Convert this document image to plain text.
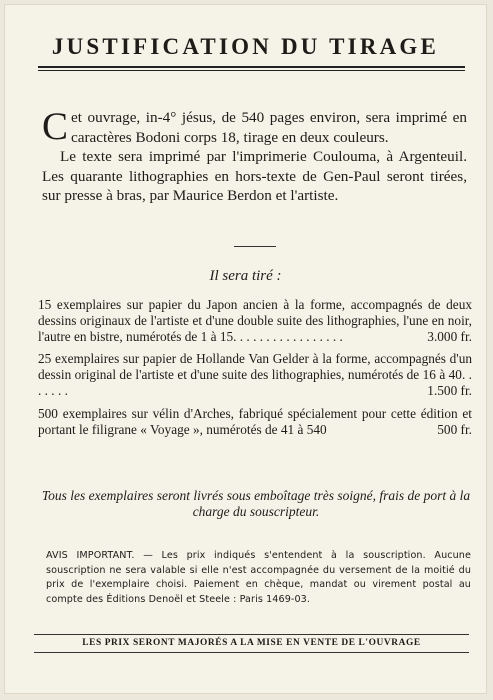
JUSTIFICATION DU TIRAGE

Cet ouvrage, in-4° jésus, de 540 pages environ, sera imprimé en caractères Bodoni corps 18, tirage en deux couleurs.

Le texte sera imprimé par l'imprimerie Coulouma, à Argenteuil. Les quarante lithographies en hors-texte de Gen-Paul seront tirées, sur presse à bras, par Maurice Berdon et l'artiste.

Il sera tiré :
15 exemplaires sur papier du Japon ancien à la forme, accompagnés de deux dessins originaux de l'artiste et d'une double suite des lithographies, l'une en noir, l'autre en bistre, numérotés de 1 à 15. . . . . . . . . . . . . . . . .	3.000 fr.
25 exemplaires sur papier de Hollande Van Gelder à la forme, accompagnés d'un dessin original de l'artiste et d'une suite des lithographies, numérotés de 16 à 40. . . . . . .	1.500 fr.
500 exemplaires sur vélin d'Arches, fabriqué spécialement pour cette édition et portant le filigrane « Voyage », numérotés de 41 à 540	500 fr.
Tous les exemplaires seront livrés sous emboîtage très soigné, frais de port à la charge du souscripteur.
AVIS IMPORTANT. — Les prix indiqués s'entendent à la souscription. Aucune souscription ne sera valable si elle n'est accompagnée du versement de la moitié du prix de l'exemplaire choisi. Paiement en chèque, mandat ou virement postal au compte des Éditions Denoël et Steele : Paris 1469-03.
LES PRIX SERONT MAJORÉS A LA MISE EN VENTE DE L'OUVRAGE
